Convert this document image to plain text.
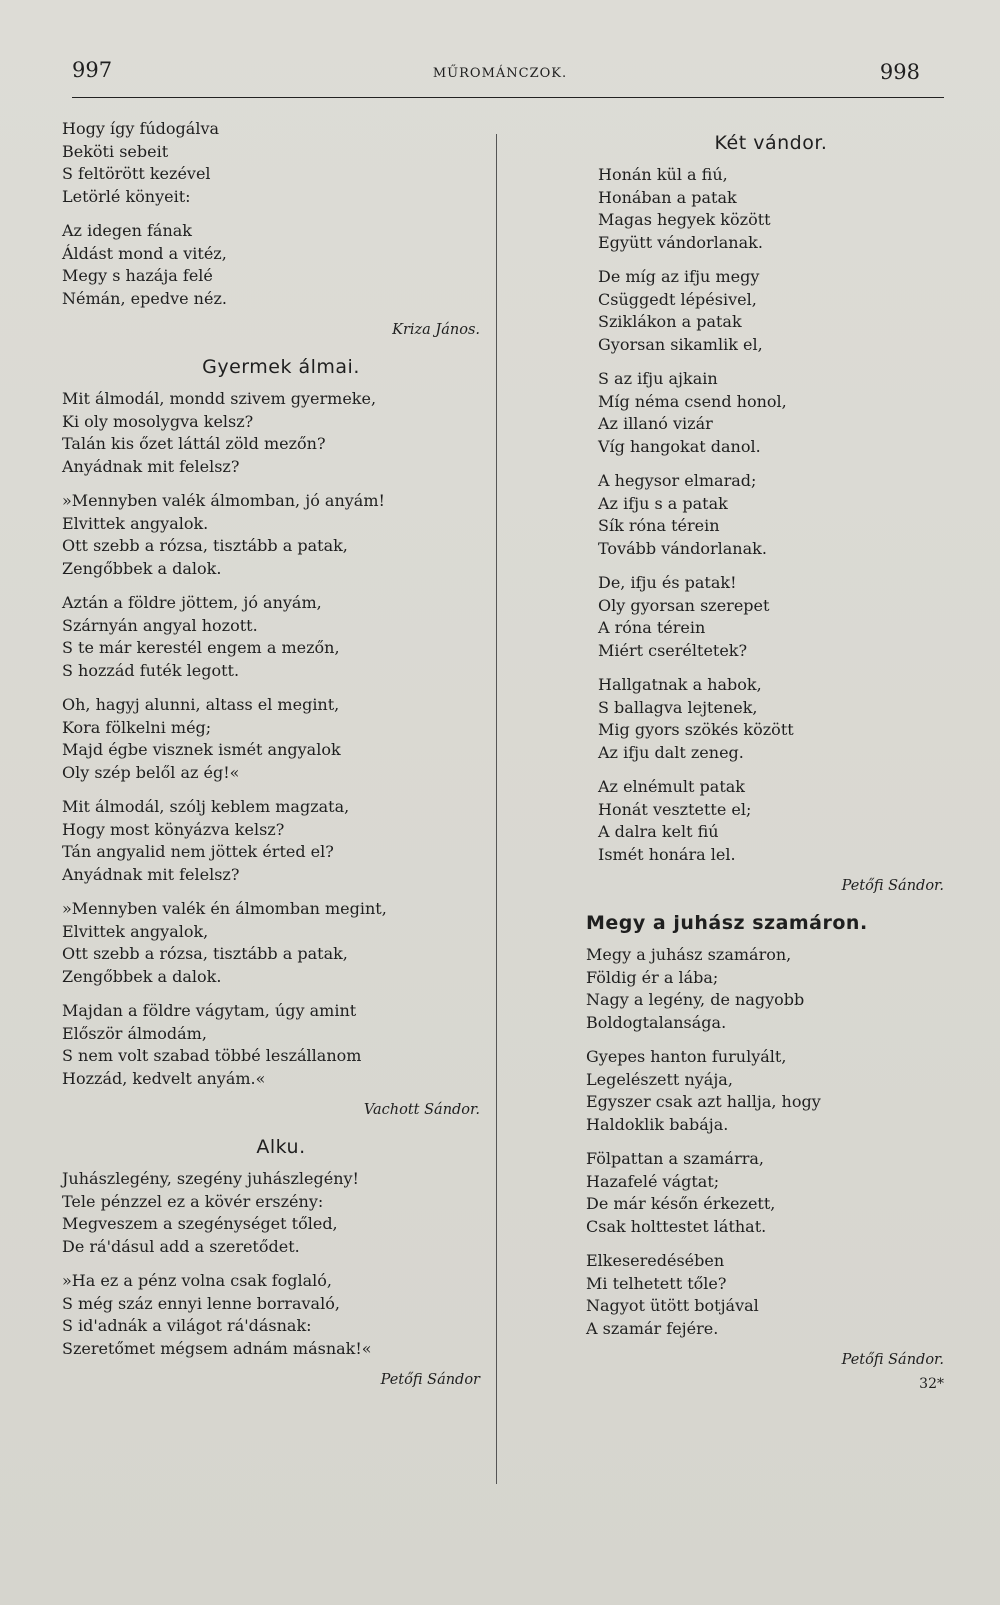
997	MŰROMÁNCZOK.	998
Hogy így fúdogálva
Beköti sebeit
S feltörött kezével
Letörlé könyeit:
Az idegen fának
Áldást mond a vitéz,
Megy s hazája felé
Némán, epedve néz.
Kriza János.
Gyermek álmai.
Mit álmodál, mondd szivem gyermeke,
Ki oly mosolygva kelsz?
Talán kis őzet láttál zöld mezőn?
Anyádnak mit felelsz?
»Mennyben valék álmomban, jó anyám!
Elvittek angyalok.
Ott szebb a rózsa, tisztább a patak,
Zengőbbek a dalok.
Aztán a földre jöttem, jó anyám,
Szárnyán angyal hozott.
S te már kerestél engem a mezőn,
S hozzád futék legott.
Oh, hagyj alunni, altass el megint,
Kora fölkelni még;
Majd égbe visznek ismét angyalok
Oly szép belől az ég!«
Mit álmodál, szólj keblem magzata,
Hogy most könyázva kelsz?
Tán angyalid nem jöttek érted el?
Anyádnak mit felelsz?
»Mennyben valék én álmomban megint,
Elvittek angyalok,
Ott szebb a rózsa, tisztább a patak,
Zengőbbek a dalok.
Majdan a földre vágytam, úgy amint
Először álmodám,
S nem volt szabad többé leszállanom
Hozzád, kedvelt anyám.«
Vachott Sándor.
Alku.
Juhászlegény, szegény juhászlegény!
Tele pénzzel ez a kövér erszény:
Megveszem a szegénységet tőled,
De rá'dásul add a szeretődet.
»Ha ez a pénz volna csak foglaló,
S még száz ennyi lenne borravaló,
S id'adnák a világot rá'dásnak:
Szeretőmet mégsem adnám másnak!«
Petőfi Sándor
Két vándor.
Honán kül a fiú,
Honában a patak
Magas hegyek között
Együtt vándorlanak.
De míg az ifju megy
Csüggedt lépésivel,
Sziklákon a patak
Gyorsan sikamlik el,
S az ifju ajkain
Míg néma csend honol,
Az illanó vizár
Víg hangokat danol.
A hegysor elmarad;
Az ifju s a patak
Sík róna térein
Tovább vándorlanak.
De, ifju és patak!
Oly gyorsan szerepet
A róna térein
Miért cseréltetek?
Hallgatnak a habok,
S ballagva lejtenek,
Mig gyors szökés között
Az ifju dalt zeneg.
Az elnémult patak
Honát vesztette el;
A dalra kelt fiú
Ismét honára lel.
Petőfi Sándor.
Megy a juhász szamáron.
Megy a juhász szamáron,
Földig ér a lába;
Nagy a legény, de nagyobb
Boldogtalansága.
Gyepes hanton furulyált,
Legelészett nyája,
Egyszer csak azt hallja, hogy
Haldoklik babája.
Fölpattan a szamárra,
Hazafelé vágtat;
De már későn érkezett,
Csak holttestet láthat.
Elkeseredésében
Mi telhetett tőle?
Nagyot ütött botjával
A szamár fejére.
Petőfi Sándor.
32*
